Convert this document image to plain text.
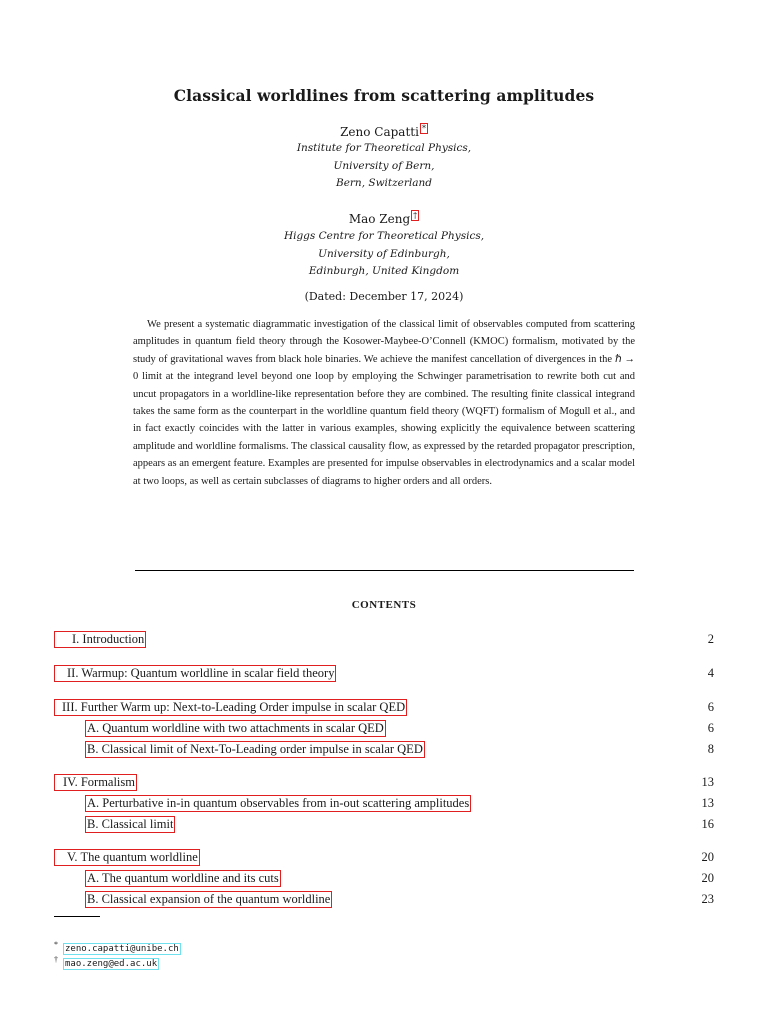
Classical worldlines from scattering amplitudes
Zeno Capatti *
Institute for Theoretical Physics,
University of Bern,
Bern, Switzerland
Mao Zeng †
Higgs Centre for Theoretical Physics,
University of Edinburgh,
Edinburgh, United Kingdom
(Dated: December 17, 2024)
We present a systematic diagrammatic investigation of the classical limit of observables computed from scattering amplitudes in quantum field theory through the Kosower-Maybee-O’Connell (KMOC) formalism, motivated by the study of gravitational waves from black hole binaries. We achieve the manifest cancellation of divergences in the ℏ → 0 limit at the integrand level beyond one loop by employing the Schwinger parametrisation to rewrite both cut and uncut propagators in a worldline-like representation before they are combined. The resulting finite classical integrand takes the same form as the counterpart in the worldline quantum field theory (WQFT) formalism of Mogull et al., and in fact exactly coincides with the latter in various examples, showing explicitly the equivalence between scattering amplitude and worldline formalisms. The classical causality flow, as expressed by the retarded propagator prescription, appears as an emergent feature. Examples are presented for impulse observables in electrodynamics and a scalar model at two loops, as well as certain subclasses of diagrams to higher orders and all orders.
CONTENTS
I. Introduction	2
II. Warmup: Quantum worldline in scalar field theory	4
III. Further Warm up: Next-to-Leading Order impulse in scalar QED	6
A. Quantum worldline with two attachments in scalar QED	6
B. Classical limit of Next-To-Leading order impulse in scalar QED	8
IV. Formalism	13
A. Perturbative in-in quantum observables from in-out scattering amplitudes	13
B. Classical limit	16
V. The quantum worldline	20
A. The quantum worldline and its cuts	20
B. Classical expansion of the quantum worldline	23
* zeno.capatti@unibe.ch
† mao.zeng@ed.ac.uk
